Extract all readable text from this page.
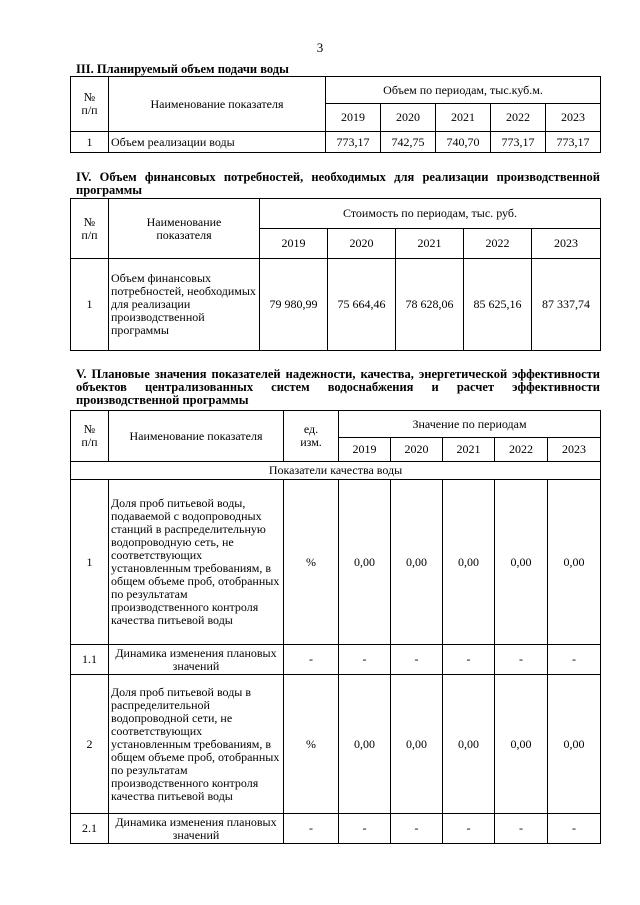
3
III. Планируемый объем подачи воды
№
п/п	Наименование показателя	Объем по периодам, тыс.куб.м.				
		2019	2020	2021	2022	2023
1	Объем реализации воды	773,17	742,75	740,70	773,17	773,17
IV. Объем финансовых потребностей, необходимых для реализации производственной программы
№
п/п	Наименование
показателя	Стоимость по периодам, тыс. руб.				
		2019	2020	2021	2022	2023
1	Объем финансовых потребностей, необходимых для реализации производственной программы	79 980,99	75 664,46	78 628,06	85 625,16	87 337,74
V. Плановые значения показателей надежности, качества, энергетической эффективности объектов централизованных систем водоснабжения и расчет эффективности производственной программы
№
п/п	Наименование показателя	ед.
изм.	Значение по периодам				
			2019	2020	2021	2022	2023
Показатели качества воды							
1	Доля проб питьевой воды, подаваемой с водопроводных станций в распределительную водопроводную сеть, не соответствующих установленным требованиям, в общем объеме проб, отобранных по результатам производственного контроля качества питьевой воды	%	0,00	0,00	0,00	0,00	0,00
1.1	Динамика изменения плановых значений	-	-	-	-	-	-
2	Доля проб питьевой воды в распределительной водопроводной сети, не соответствующих установленным требованиям, в общем объеме проб, отобранных по результатам производственного контроля качества питьевой воды	%	0,00	0,00	0,00	0,00	0,00
2.1	Динамика изменения плановых значений	-	-	-	-	-	-
